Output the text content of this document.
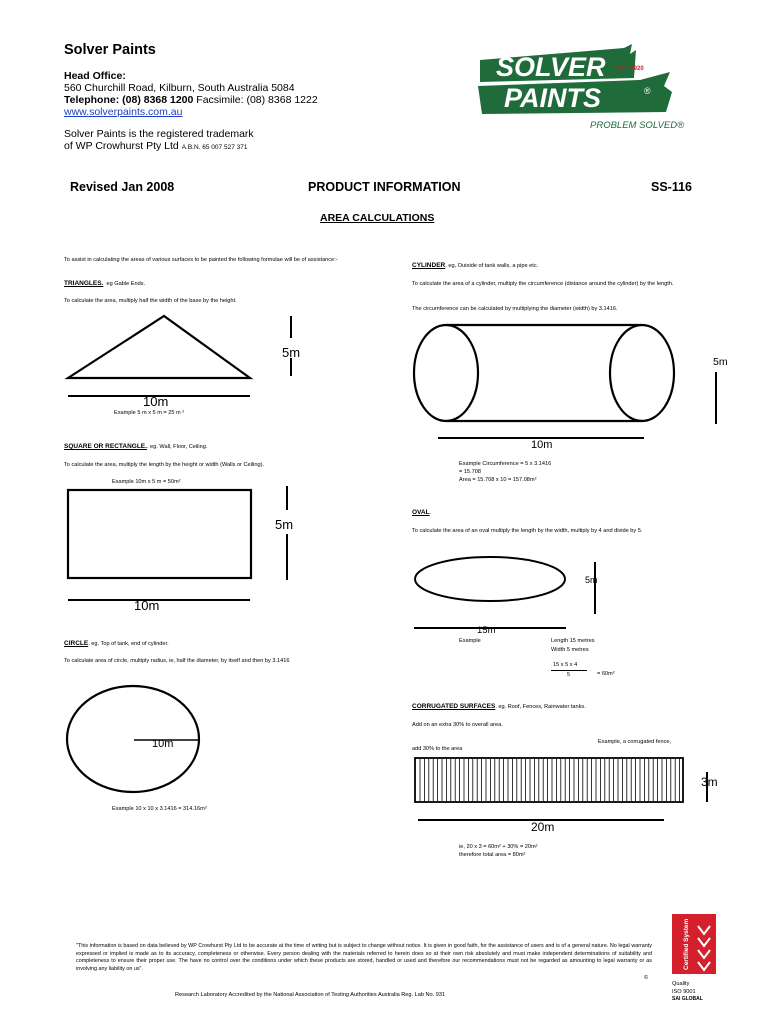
Solver Paints
Head Office:
560 Churchill Road, Kilburn, South Australia 5084
Telephone: (08) 8368 1200 Facsimile: (08) 8368 1222
www.solverpaints.com.au
Solver Paints is the registered trademark
of WP Crowhurst Pty Ltd A.B.N. 65 007 527 371
SOLVER
PAINTS	®
EST. 1920
PROBLEM SOLVED®
Revised Jan 2008	PRODUCT INFORMATION	SS-116
AREA CALCULATIONS
To assist in calculating the areas of various surfaces to be painted the following formulae will be of assistance:-
TRIANGLES. eg Gable Ends.
To calculate the area, multiply half the width of the base by the height.
5m
10m
Example 5 m x 5 m = 25 m ²
SQUARE OR RECTANGLE.. eg. Wall, Floor, Ceiling.
To calculate the area, multiply the length by the height or width (Walls or Ceiling).
Example 10m x 5 m = 50m²
5m
10m
CIRCLE. eg. Top of tank, end of cylinder.
To calculate area of circle, multiply radius, ie, half the diameter, by itself and then by 3.1416
10m
Example 10 x 10 x 3.1416 = 314.16m²
CYLINDER. eg, Outside of tank walls, a pipe etc.
To calculate the area of a cylinder, multiply the circumference (distance around the cylinder) by the length.
The circumference can be calculated by multiplying the diameter (width) by 3.1416.
5m
10m
Example Circumference = 5 x 3.1416
= 15.708
Area = 15.708 x 10 = 157.08m²
OVAL.
To calculate the area of an oval multiply the length by the width, multiply by 4 and divide by 5.
5m
15m
Example	Length 15 metres
Width 5 metres
15 x 5 x 4
5	= 60m²
CORRUGATED SURFACES. eg. Roof, Fences, Rainwater tanks.
Add on an extra 30% to overall area.
Example, a corrugated fence,
add 30% to the area
3m
20m
ie, 20 x 3 = 60m² + 30% = 20m²
therefore total area = 80m²
"This information is based on data believed by WP Crowhurst Pty Ltd to be accurate at the time of writing but is subject to change without notice. It is given in good faith, for the assistance of users and is of a general nature. No legal warranty expressed or implied is made as to its accuracy, completeness or otherwise. Every person dealing with the materials referred to herein does so at their own risk absolutely and must make independent determinations of suitability and completeness to ensure their proper use. The have no control over the conditions under which these products are stored, handled or used and therefore our recommendations must not be regarded as amounting to legal warranty or as involving any liability on us".
©
Research Laboratory Accredited by the National Association of Testing Authorities Australia Reg. Lab No. 931
Certified System
Quality
ISO 9001
SAI GLOBAL
